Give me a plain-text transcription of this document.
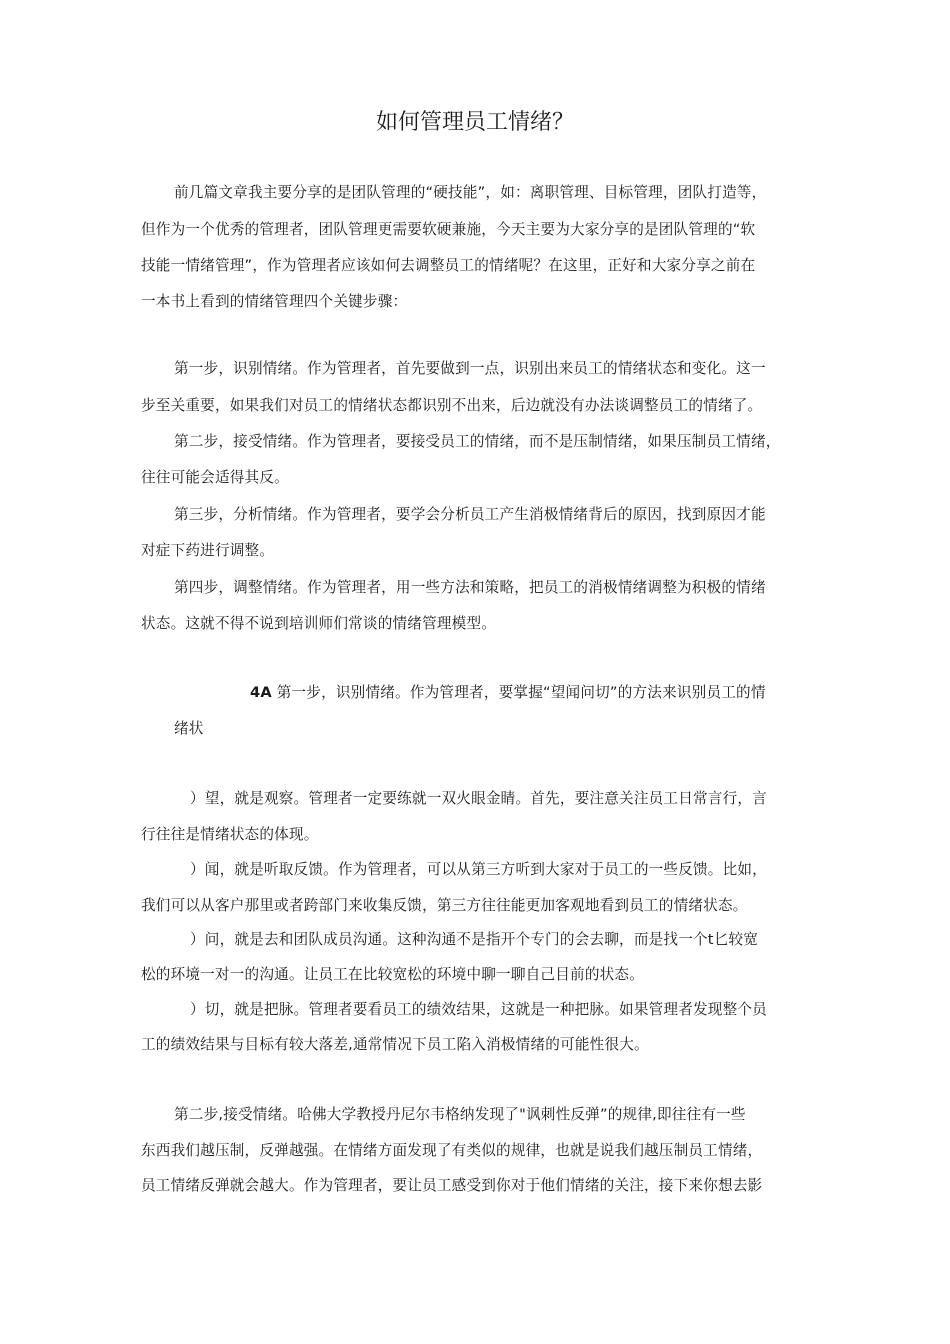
如何管理员工情绪？
前几篇文章我主要分享的是团队管理的“硬技能”，如：离职管理、目标管理，团队打造等，
但作为一个优秀的管理者，团队管理更需要软硬兼施，今天主要为大家分享的是团队管理的“软
技能一情绪管理”，作为管理者应该如何去调整员工的情绪呢？在这里，正好和大家分享之前在
一本书上看到的情绪管理四个关键步骤：
第一步，识别情绪。作为管理者，首先要做到一点，识别出来员工的情绪状态和变化。这一
步至关重要，如果我们对员工的情绪状态都识别不出来，后边就没有办法谈调整员工的情绪了。
第二步，接受情绪。作为管理者，要接受员工的情绪，而不是压制情绪，如果压制员工情绪，
往往可能会适得其反。
第三步，分析情绪。作为管理者，要学会分析员工产生消极情绪背后的原因，找到原因才能
对症下药进行调整。
第四步，调整情绪。作为管理者，用一些方法和策略，把员工的消极情绪调整为积极的情绪
状态。这就不得不说到培训师们常谈的情绪管理模型。
4A 第一步，识别情绪。作为管理者，要掌握“望闻问切”的方法来识别员工的情
绪状
）望，就是观察。管理者一定要练就一双火眼金睛。首先，要注意关注员工日常言行，言
行往往是情绪状态的体现。
）闻，就是听取反馈。作为管理者，可以从第三方听到大家对于员工的一些反馈。比如，
我们可以从客户那里或者跨部门来收集反馈，第三方往往能更加客观地看到员工的情绪状态。
）问，就是去和团队成员沟通。这种沟通不是指开个专门的会去聊，而是找一个t匕较宽
松的环境一对一的沟通。让员工在比较宽松的环境中聊一聊自己目前的状态。
）切，就是把脉。管理者要看员工的绩效结果，这就是一种把脉。如果管理者发现整个员
工的绩效结果与目标有较大落差,通常情况下员工陷入消极情绪的可能性很大。
第二步,接受情绪。哈佛大学教授丹尼尔韦格纳发现了"讽刺性反弹”的规律,即往往有一些
东西我们越压制，反弹越强。在情绪方面发现了有类似的规律，也就是说我们越压制员工情绪，
员工情绪反弹就会越大。作为管理者，要让员工感受到你对于他们情绪的关注，接下来你想去影
